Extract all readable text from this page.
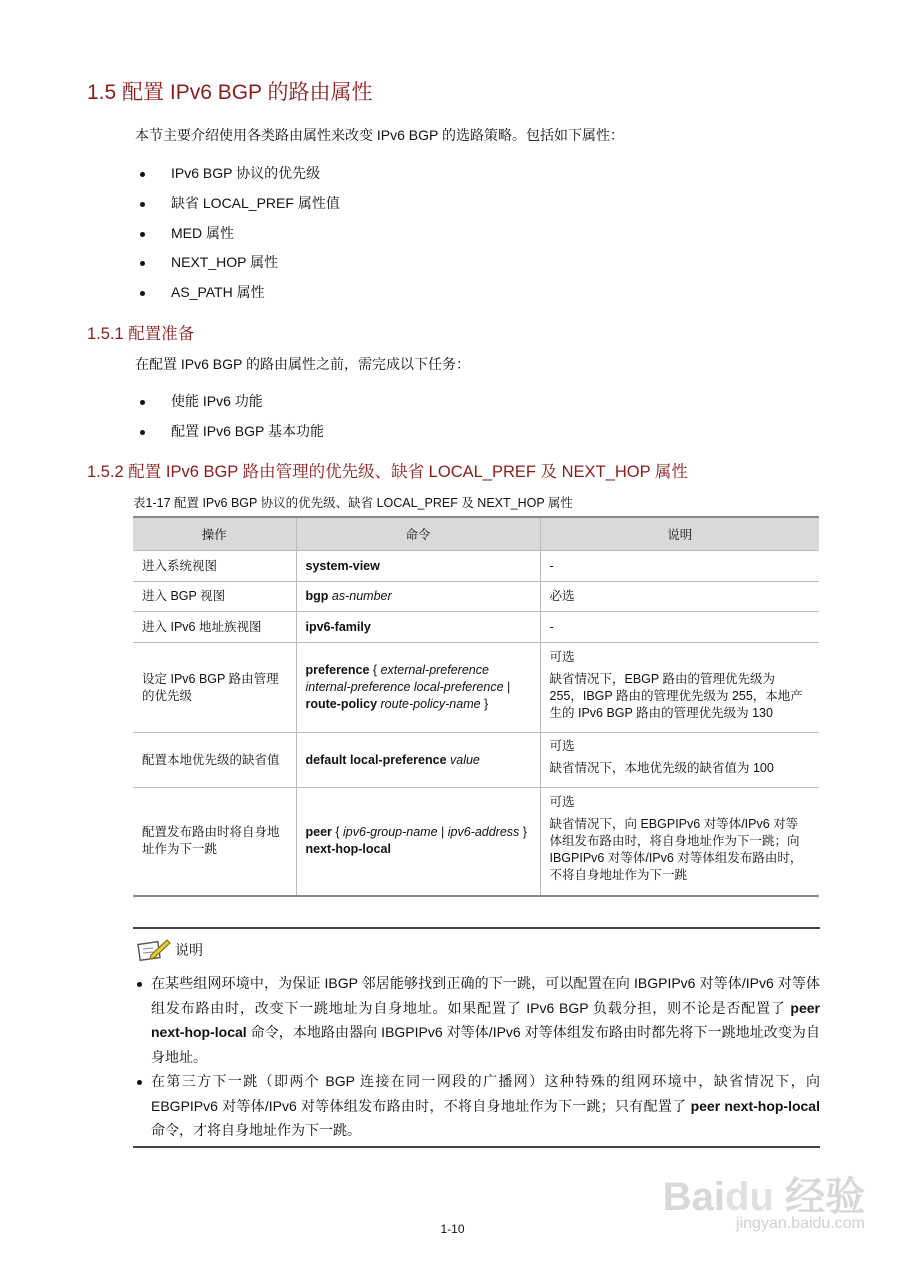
1.5 配置 IPv6 BGP 的路由属性
本节主要介绍使用各类路由属性来改变 IPv6 BGP 的选路策略。包括如下属性：
IPv6 BGP 协议的优先级
缺省 LOCAL_PREF 属性值
MED 属性
NEXT_HOP 属性
AS_PATH 属性
1.5.1 配置准备
在配置 IPv6 BGP 的路由属性之前，需完成以下任务：
使能 IPv6 功能
配置 IPv6 BGP 基本功能
1.5.2 配置 IPv6 BGP 路由管理的优先级、缺省 LOCAL_PREF 及 NEXT_HOP 属性
表1-17 配置 IPv6 BGP 协议的优先级、缺省 LOCAL_PREF 及 NEXT_HOP 属性
操作	命令	说明
进入系统视图	system-view	-
进入 BGP 视图	bgp as-number	必选
进入 IPv6 地址族视图	ipv6-family	-
设定 IPv6 BGP 路由管理的优先级	preference { external-preference internal-preference local-preference | route-policy route-policy-name }	可选

缺省情况下，EBGP 路由的管理优先级为 255，IBGP 路由的管理优先级为 255，本地产生的 IPv6 BGP 路由的管理优先级为 130

配置本地优先级的缺省值	default local-preference value	可选

缺省情况下，本地优先级的缺省值为 100

配置发布路由时将自身地址作为下一跳	peer { ipv6-group-name | ipv6-address } next-hop-local	可选

缺省情况下，向 EBGPIPv6 对等体/IPv6 对等体组发布路由时，将自身地址作为下一跳；向 IBGPIPv6 对等体/IPv6 对等体组发布路由时，不将自身地址作为下一跳

说明
在某些组网环境中，为保证 IBGP 邻居能够找到正确的下一跳，可以配置在向 IBGPIPv6 对等体/IPv6 对等体组发布路由时，改变下一跳地址为自身地址。如果配置了 IPv6 BGP 负载分担，则不论是否配置了 peer next-hop-local 命令，本地路由器向 IBGPIPv6 对等体/IPv6 对等体组发布路由时都先将下一跳地址改变为自身地址。
在第三方下一跳（即两个 BGP 连接在同一网段的广播网）这种特殊的组网环境中，缺省情况下，向 EBGPIPv6 对等体/IPv6 对等体组发布路由时，不将自身地址作为下一跳；只有配置了 peer next-hop-local 命令，才将自身地址作为下一跳。
Baidu 经验
jingyan.baidu.com
1-10
